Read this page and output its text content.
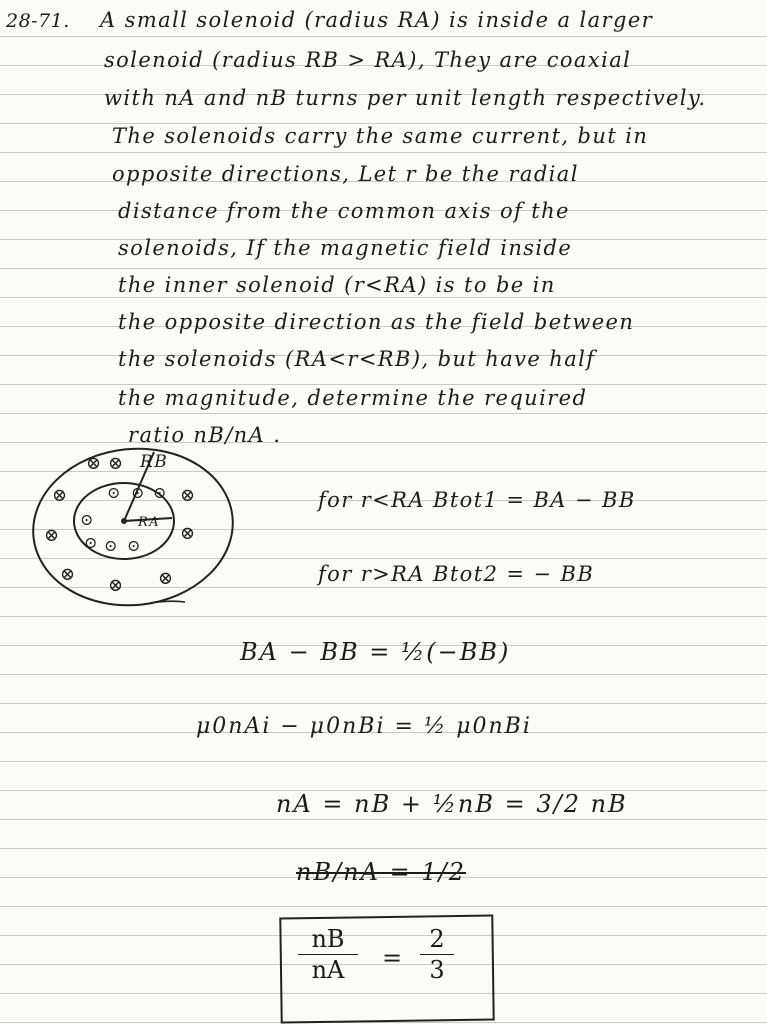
28-71. A small solenoid (radius RA) is inside a larger
solenoid (radius RB > RA), They are coaxial
with nA and nB turns per unit length respectively.
The solenoids carry the same current, but in
opposite directions, Let r be the radial
distance from the common axis of the
solenoids, If the magnetic field inside
the inner solenoid (r<RA) is to be in
the opposite direction as the field between
the solenoids (RA<r<RB), but have half
the magnitude, determine the required
ratio nB/nA .
RB
RA
⊗ ⊗
⊗	⊗
⊗	⊗
⊗
⊗ ⊗
⊙ ⊙ ⊙
⊙
⊙ ⊙ ⊙
for r<RA Btot1 = BA − BB
for r>RA Btot2 = − BB
BA − BB = ½(−BB)
μ0nAi − μ0nBi = ½ μ0nBi
nA = nB + ½nB = 3/2 nB
nB/nA = 1/2
nB
nA	=
2
3
